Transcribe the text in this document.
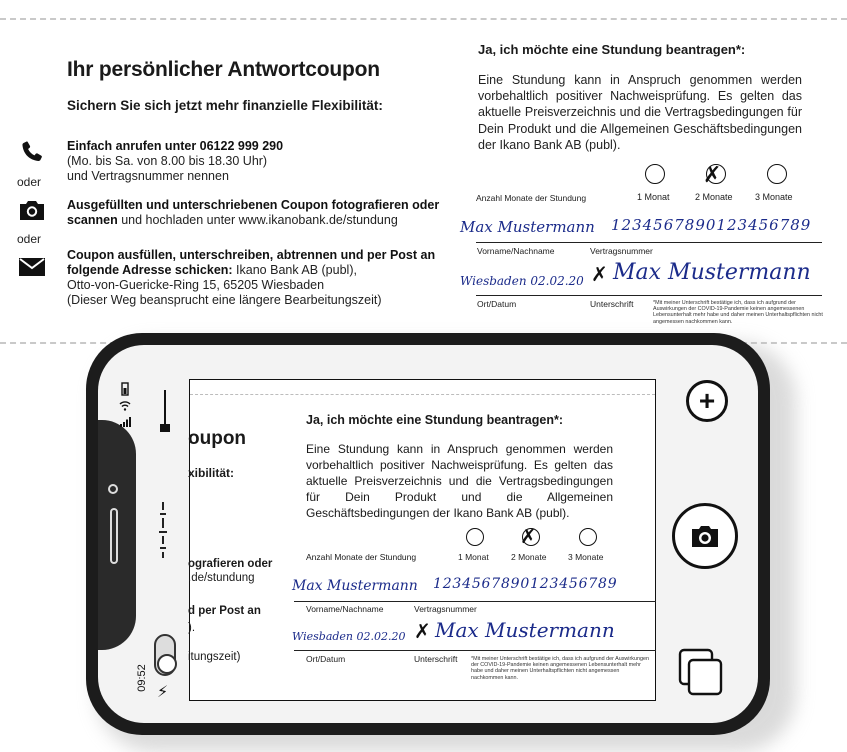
Ihr persönlicher Antwortcoupon
Sichern Sie sich jetzt mehr finanzielle Flexibilität:
oder
oder
Einfach anrufen unter 06122 999 290
(Mo. bis Sa. von 8.00 bis 18.30 Uhr)
und Vertragsnummer nennen
Ausgefüllten und unterschriebenen Coupon fotografieren oder
scannen und hochladen unter www.ikanobank.de/stundung
Coupon ausfüllen, unterschreiben, abtrennen und per Post an
folgende Adresse schicken: Ikano Bank AB (publ),
Otto-von-Guericke-Ring 15, 65205 Wiesbaden
(Dieser Weg beansprucht eine längere Bearbeitungszeit)
Ja, ich möchte eine Stundung beantragen*:
Eine Stundung kann in Anspruch genommen werden vorbehaltlich positiver Nachweisprüfung. Es gelten das aktuelle Preisverzeichnis und die Vertragsbedingungen für Dein Produkt und die Allgemeinen Geschäftsbedingungen der Ikano Bank AB (publ).
Anzahl Monate der Stundung
✗
1 Monat	2 Monate 3 Monate
Max Mustermann 1234567890123456789
Vorname/Nachname	Vertragsnummer
Wiesbaden 02.02.20 ✗ Max Mustermann
Ort/Datum	Unterschrift	*Mit meiner Unterschrift bestätige ich, dass ich aufgrund der Auswirkungen der COVID-19-Pandemie keinen angemessenen Lebensunterhalt mehr habe und daher meinen Unterhaltspflichten nicht angemessen nachkommen kann.
⚡
09:52
oupon
xibilität:
ografieren oder
.de/stundung
d per Post an
).
itungszeit)
Ja, ich möchte eine Stundung beantragen*:
Eine Stundung kann in Anspruch genommen werden vorbehaltlich positiver Nachweisprüfung. Es gelten das aktuelle Preisverzeichnis und die Vertragsbedingungen für Dein Produkt und die Allgemeinen Geschäftsbedingungen der Ikano Bank AB (publ).
Anzahl Monate der Stundung
✗
1 Monat	2 Monate	3 Monate
Max Mustermann 1234567890123456789
Vorname/Nachname	Vertragsnummer
Wiesbaden 02.02.20 ✗ Max Mustermann
Ort/Datum	Unterschrift	*Mit meiner Unterschrift bestätige ich, dass ich aufgrund der Auswirkungen der COVID-19-Pandemie keinen angemessenen Lebensunterhalt mehr habe und daher meinen Unterhaltspflichten nicht angemessen nachkommen kann.
+
